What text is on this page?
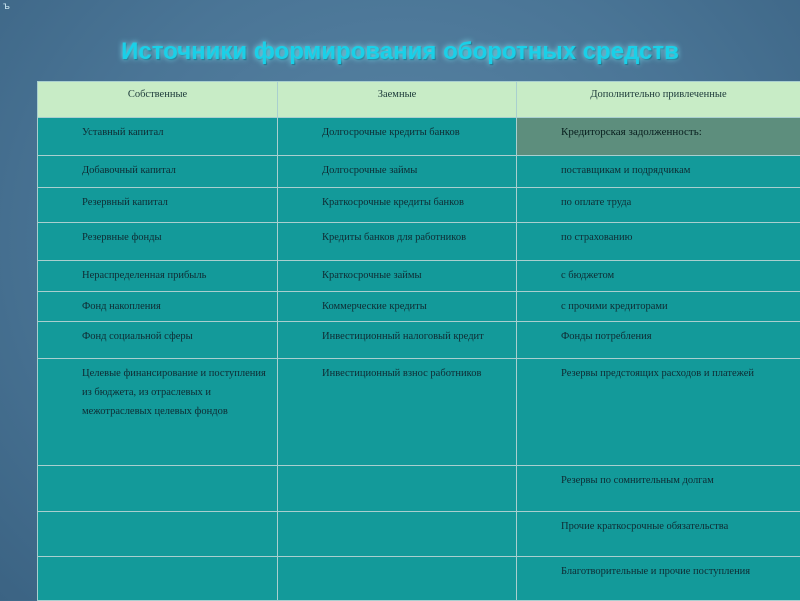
ъ
Источники формирования оборотных средств
Собственные	Заемные	Дополнительно привлеченные
Уставный капитал	Долгосрочные кредиты банков	Кредиторская задолженность:
Добавочный капитал	Долгосрочные займы	поставщикам и подрядчикам
Резервный капитал	Краткосрочные кредиты банков	по оплате труда
Резервные фонды	Кредиты банков для работников	по страхованию
Нераспределенная прибыль	Краткосрочные займы	с бюджетом
Фонд накопления	Коммерческие кредиты	с прочими кредиторами
Фонд социальной сферы	Инвестиционный налоговый кредит	Фонды потребления
Целевые финансирование и поступления из бюджета, из отраслевых и межотраслевых целевых фондов	Инвестиционный взнос работников	Резервы предстоящих расходов и платежей
		Резервы по сомнительным долгам
		Прочие краткосрочные обязательства
		Благотворительные и прочие поступления
